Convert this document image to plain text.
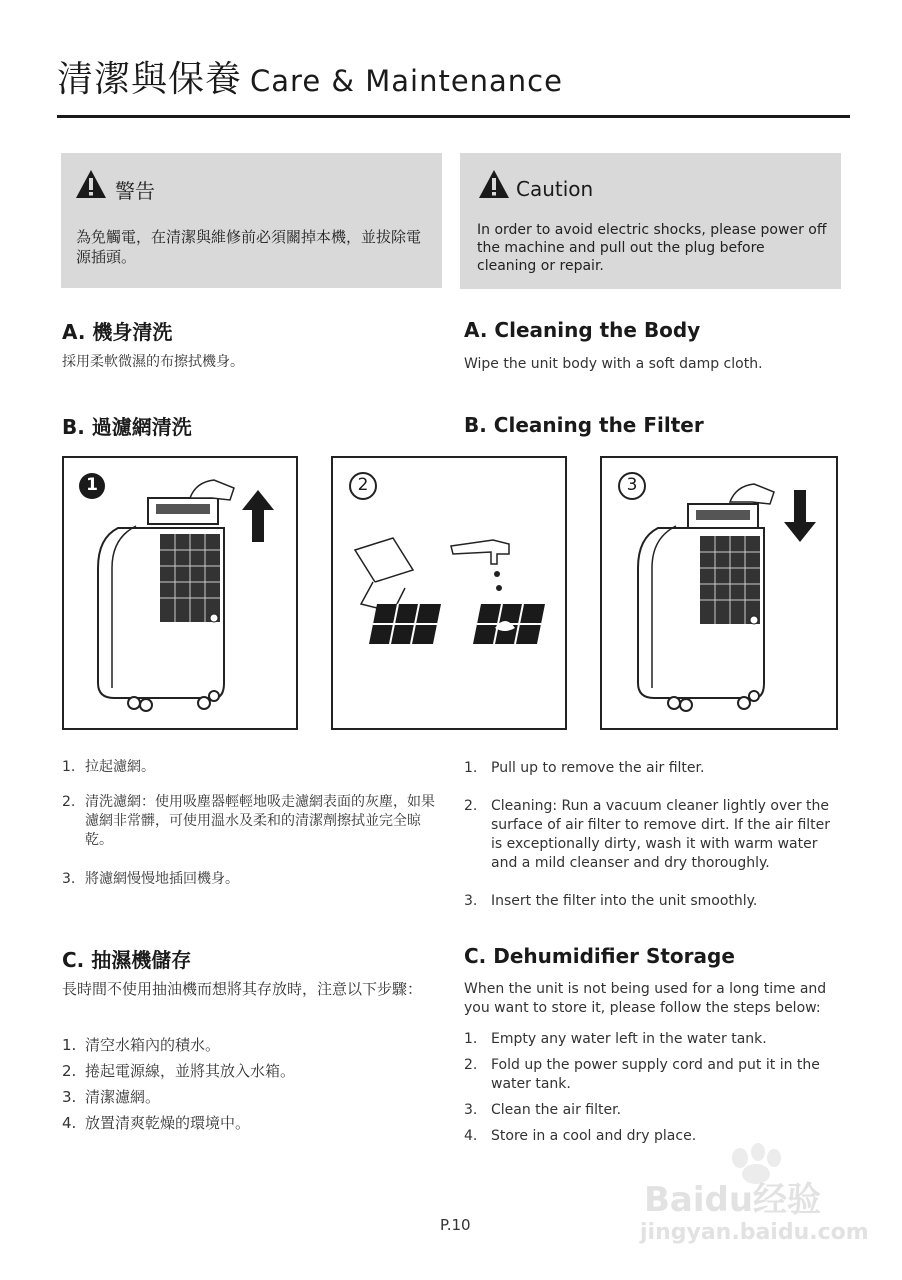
清潔與保養 Care & Maintenance
警告
為免觸電，在清潔與維修前必須關掉本機，並拔除電源插頭。
Caution
In order to avoid electric shocks, please power off the machine and pull out the plug before cleaning or repair.
A. 機身清洗
採用柔軟微濕的布擦拭機身。
A. Cleaning the Body
Wipe the unit body with a soft damp cloth.
B. 過濾網清洗	B. Cleaning the Filter
1	2	3
1. 拉起濾網。
2. 清洗濾網：使用吸塵器輕輕地吸走濾網表面的灰塵，如果濾網非常髒，可使用溫水及柔和的清潔劑擦拭並完全晾乾。
3. 將濾網慢慢地插回機身。
1. Pull up to remove the air filter.
2. Cleaning: Run a vacuum cleaner lightly over the surface of air filter to remove dirt. If the air filter is exceptionally dirty, wash it with warm water and a mild cleanser and dry thoroughly.
3. Insert the filter into the unit smoothly.
C. 抽濕機儲存
長時間不使用抽油機而想將其存放時，注意以下步驟：
C. Dehumidifier Storage
When the unit is not being used for a long time and you want to store it, please follow the steps below:
1. 清空水箱內的積水。
2. 捲起電源線，並將其放入水箱。
3. 清潔濾網。
4. 放置清爽乾燥的環境中。
1. Empty any water left in the water tank.
2. Fold up the power supply cord and put it in the water tank.
3. Clean the air filter.
4. Store in a cool and dry place.
P.10
Baidu经验
jingyan.baidu.com
